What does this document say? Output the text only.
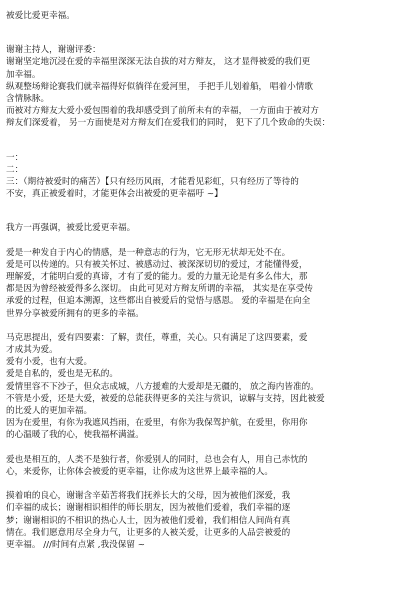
被爱比爱更幸福。
谢谢主持人，谢谢评委：
谢谢坚定地沉浸在爱的幸福里深深无法自拔的对方辩友， 这才显得被爱的我们更
加幸福。
纵观整场辩论赛我们就幸福得好似徜徉在爱河里， 手把手儿划着船， 唱着小情歌
含情脉脉。
而被对方辩友大爱小爱包围着的我却感受到了前所未有的幸福， 一方面由于被对方
辩友们深爱着， 另一方面使是对方辩友们在爱我们的同时， 犯下了几个致命的失误：
一：
二：
三：（期待被爱时的痛苦）【只有经历风雨，才能看见彩虹，只有经历了等待的
不安，真正被爱着时，才能更体会出被爱的更幸福吁 ~】
我方一再强调，被爱比爱更幸福。
爱是一种发自于内心的情感，是一种意志的行为，它无形无状却无处不在。
爱是可以传递的。只有被关怀过、被感动过、被深深切切的爱过，才能懂得爱，
理解爱，才能明白爱的真谛，才有了爱的能力。爱的力量无论是有多么伟大，那
都是因为曾经被爱得多么深切。 由此可见对方辩友所谓的幸福， 其实是在享受传
承爱的过程，但追本溯源，这些都出自被爱后的觉悟与感恩。 爱的幸福是在向全
世界分享被爱所拥有的更多的幸福。
马克思提出，爱有四要素：了解，责任，尊重，关心。只有满足了这四要素，爱
才成其为爱。
爱有小爱，也有大爱。
爱是自私的，爱也是无私的。
爱情里容不下沙子，但众志成城，八方援难的大爱却是无疆的， 放之海内皆准的。
不管是小爱，还是大爱，被爱的总能获得更多的关注与赏识，谅解与支持，因此被爱
的比爱人的更加幸福。
因为在爱里，有你为我遮风挡雨，在爱里，有你为我保驾护航，在爱里，你用你
的心温暖了我的心，使我福杯满溢。
爱也是相互的，人类不是独行者，你爱别人的同时，总也会有人，用自己赤忱的
心，来爱你，让你体会被爱的更幸福，让你成为这世界上最幸福的人。
摸着咱的良心，谢谢含辛茹苦将我们抚养长大的父母，因为被他们深爱，我
们幸福的成长；谢谢相识相伴的师长朋友，因为被他们爱着，我们幸福的逐
梦；谢谢相识的不相识的热心人士，因为被他们爱着，我们相信人间尚有真
情在。我们愿意用尽全身力气，让更多的人被关爱，让更多的人品尝被爱的
更幸福。 ///时间有点紧 ,我没保留 ~
